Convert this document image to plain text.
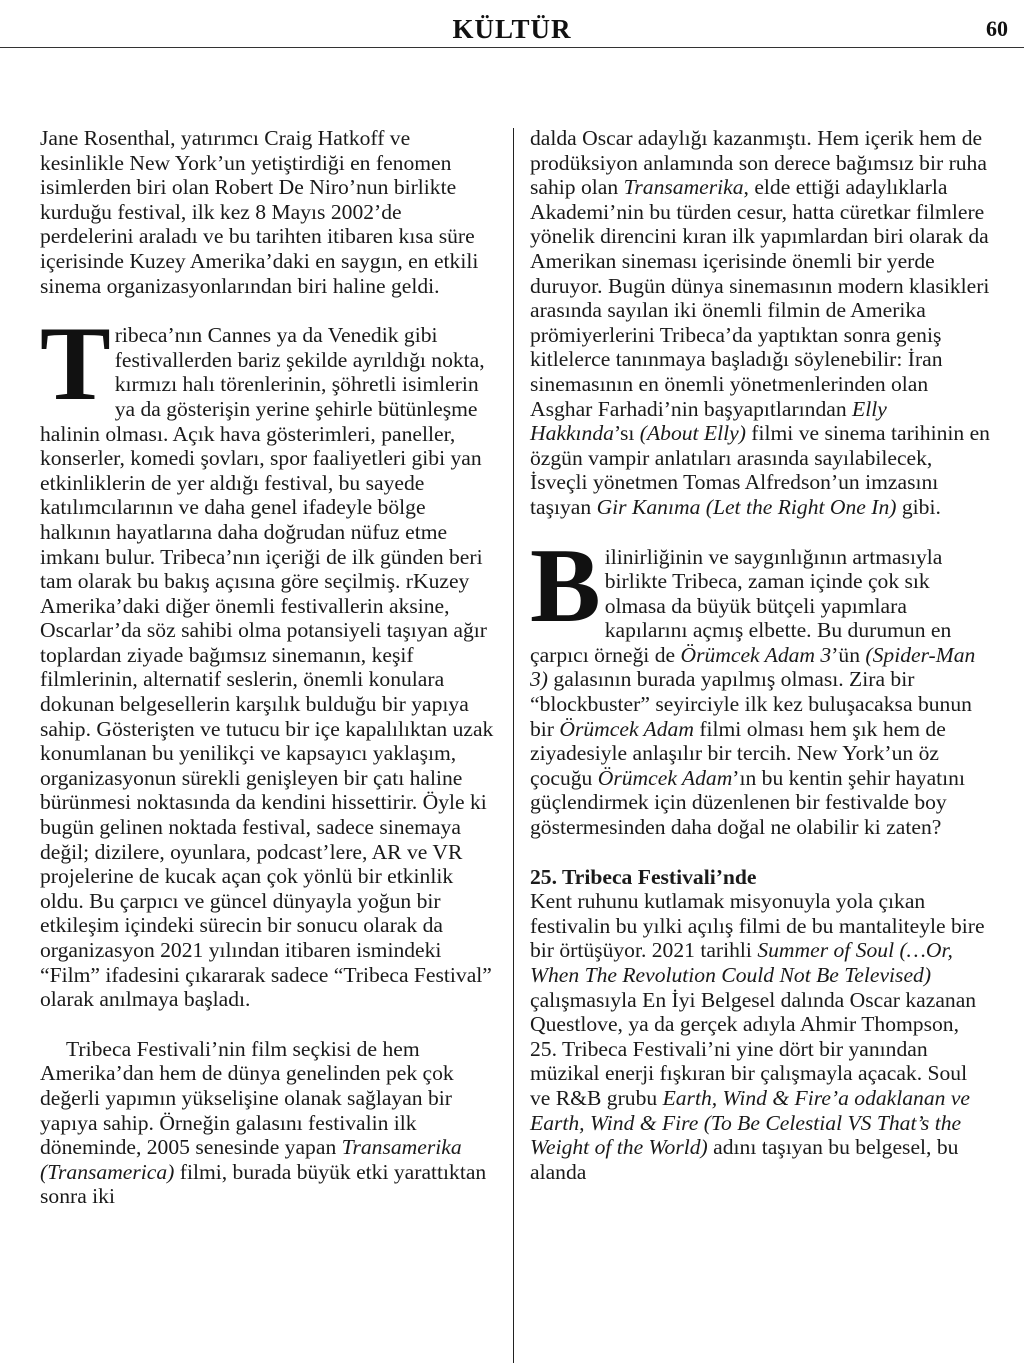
KÜLTÜR	60

Jane Rosenthal, yatırımcı Craig Hatkoff ve kesinlikle New York’un yetiştirdiği en fenomen isimlerden biri olan Robert De Niro’nun birlikte kurduğu festival, ilk kez 8 Mayıs 2002’de perdelerini araladı ve bu tarihten itibaren kısa süre içerisinde Kuzey Amerika’daki en saygın, en etkili sinema organizasyonlarından biri haline geldi.

Tribeca’nın Cannes ya da Venedik gibi festivallerden bariz şekilde ayrıldığı nokta, kırmızı halı törenlerinin, şöhretli isimlerin ya da gösterişin yerine şehirle bütünleşme halinin olması. Açık hava gösterimleri, paneller, konserler, komedi şovları, spor faaliyetleri gibi yan etkinliklerin de yer aldığı festival, bu sayede katılımcılarının ve daha genel ifadeyle bölge halkının hayatlarına daha doğrudan nüfuz etme imkanı bulur. Tribeca’nın içeriği de ilk günden beri tam olarak bu bakış açısına göre seçilmiş. rKuzey Amerika’daki diğer önemli festivallerin aksine, Oscarlar’da söz sahibi olma potansiyeli taşıyan ağır toplardan ziyade bağımsız sinemanın, keşif filmlerinin, alternatif seslerin, önemli konulara dokunan belgesellerin karşılık bulduğu bir yapıya sahip. Gösterişten ve tutucu bir içe kapalılıktan uzak konumlanan bu yenilikçi ve kapsayıcı yaklaşım, organizasyonun sürekli genişleyen bir çatı haline bürünmesi noktasında da kendini hissettirir. Öyle ki bugün gelinen noktada festival, sadece sinemaya değil; dizilere, oyunlara, podcast’lere, AR ve VR projelerine de kucak açan çok yönlü bir etkinlik oldu. Bu çarpıcı ve güncel dünyayla yoğun bir etkileşim içindeki sürecin bir sonucu olarak da organizasyon 2021 yılından itibaren ismindeki “Film” ifadesini çıkararak sadece “Tribeca Festival” olarak anılmaya başladı.

Tribeca Festivali’nin film seçkisi de hem Amerika’dan hem de dünya genelinden pek çok değerli yapımın yükselişine olanak sağlayan bir yapıya sahip. Örneğin galasını festivalin ilk döneminde, 2005 senesinde yapan Transamerika (Transamerica) filmi, burada büyük etki yarattıktan sonra iki

dalda Oscar adaylığı kazanmıştı. Hem içerik hem de prodüksiyon anlamında son derece bağımsız bir ruha sahip olan Transamerika, elde ettiği adaylıklarla Akademi’nin bu türden cesur, hatta cüretkar filmlere yönelik direncini kıran ilk yapımlardan biri olarak da Amerikan sineması içerisinde önemli bir yerde duruyor. Bugün dünya sinemasının modern klasikleri arasında sayılan iki önemli filmin de Amerika prömiyerlerini Tribeca’da yaptıktan sonra geniş kitlelerce tanınmaya başladığı söylenebilir: İran sinemasının en önemli yönetmenlerinden olan Asghar Farhadi’nin başyapıtlarından Elly Hakkında’sı (About Elly) filmi ve sinema tarihinin en özgün vampir anlatıları arasında sayılabilecek, İsveçli yönetmen Tomas Alfredson’un imzasını taşıyan Gir Kanıma (Let the Right One In) gibi.

Bilinirliğinin ve saygınlığının artmasıyla birlikte Tribeca, zaman içinde çok sık olmasa da büyük bütçeli yapımlara kapılarını açmış elbette. Bu durumun en çarpıcı örneği de Örümcek Adam 3’ün (Spider-Man 3) galasının burada yapılmış olması. Zira bir “blockbuster” seyirciyle ilk kez buluşacaksa bunun bir Örümcek Adam filmi olması hem şık hem de ziyadesiyle anlaşılır bir tercih. New York’un öz çocuğu Örümcek Adam’ın bu kentin şehir hayatını güçlendirmek için düzenlenen bir festivalde boy göstermesinden daha doğal ne olabilir ki zaten?

25. Tribeca Festivali’nde

Kent ruhunu kutlamak misyonuyla yola çıkan festivalin bu yılki açılış filmi de bu mantaliteyle bire bir örtüşüyor. 2021 tarihli Summer of Soul (…Or, When The Revolution Could Not Be Televised) çalışmasıyla En İyi Belgesel dalında Oscar kazanan Questlove, ya da gerçek adıyla Ahmir Thompson, 25. Tribeca Festivali’ni yine dört bir yanından müzikal enerji fışkıran bir çalışmayla açacak. Soul ve R&B grubu Earth, Wind & Fire’a odaklanan ve Earth, Wind & Fire (To Be Celestial VS That’s the Weight of the World) adını taşıyan bu belgesel, bu alanda
